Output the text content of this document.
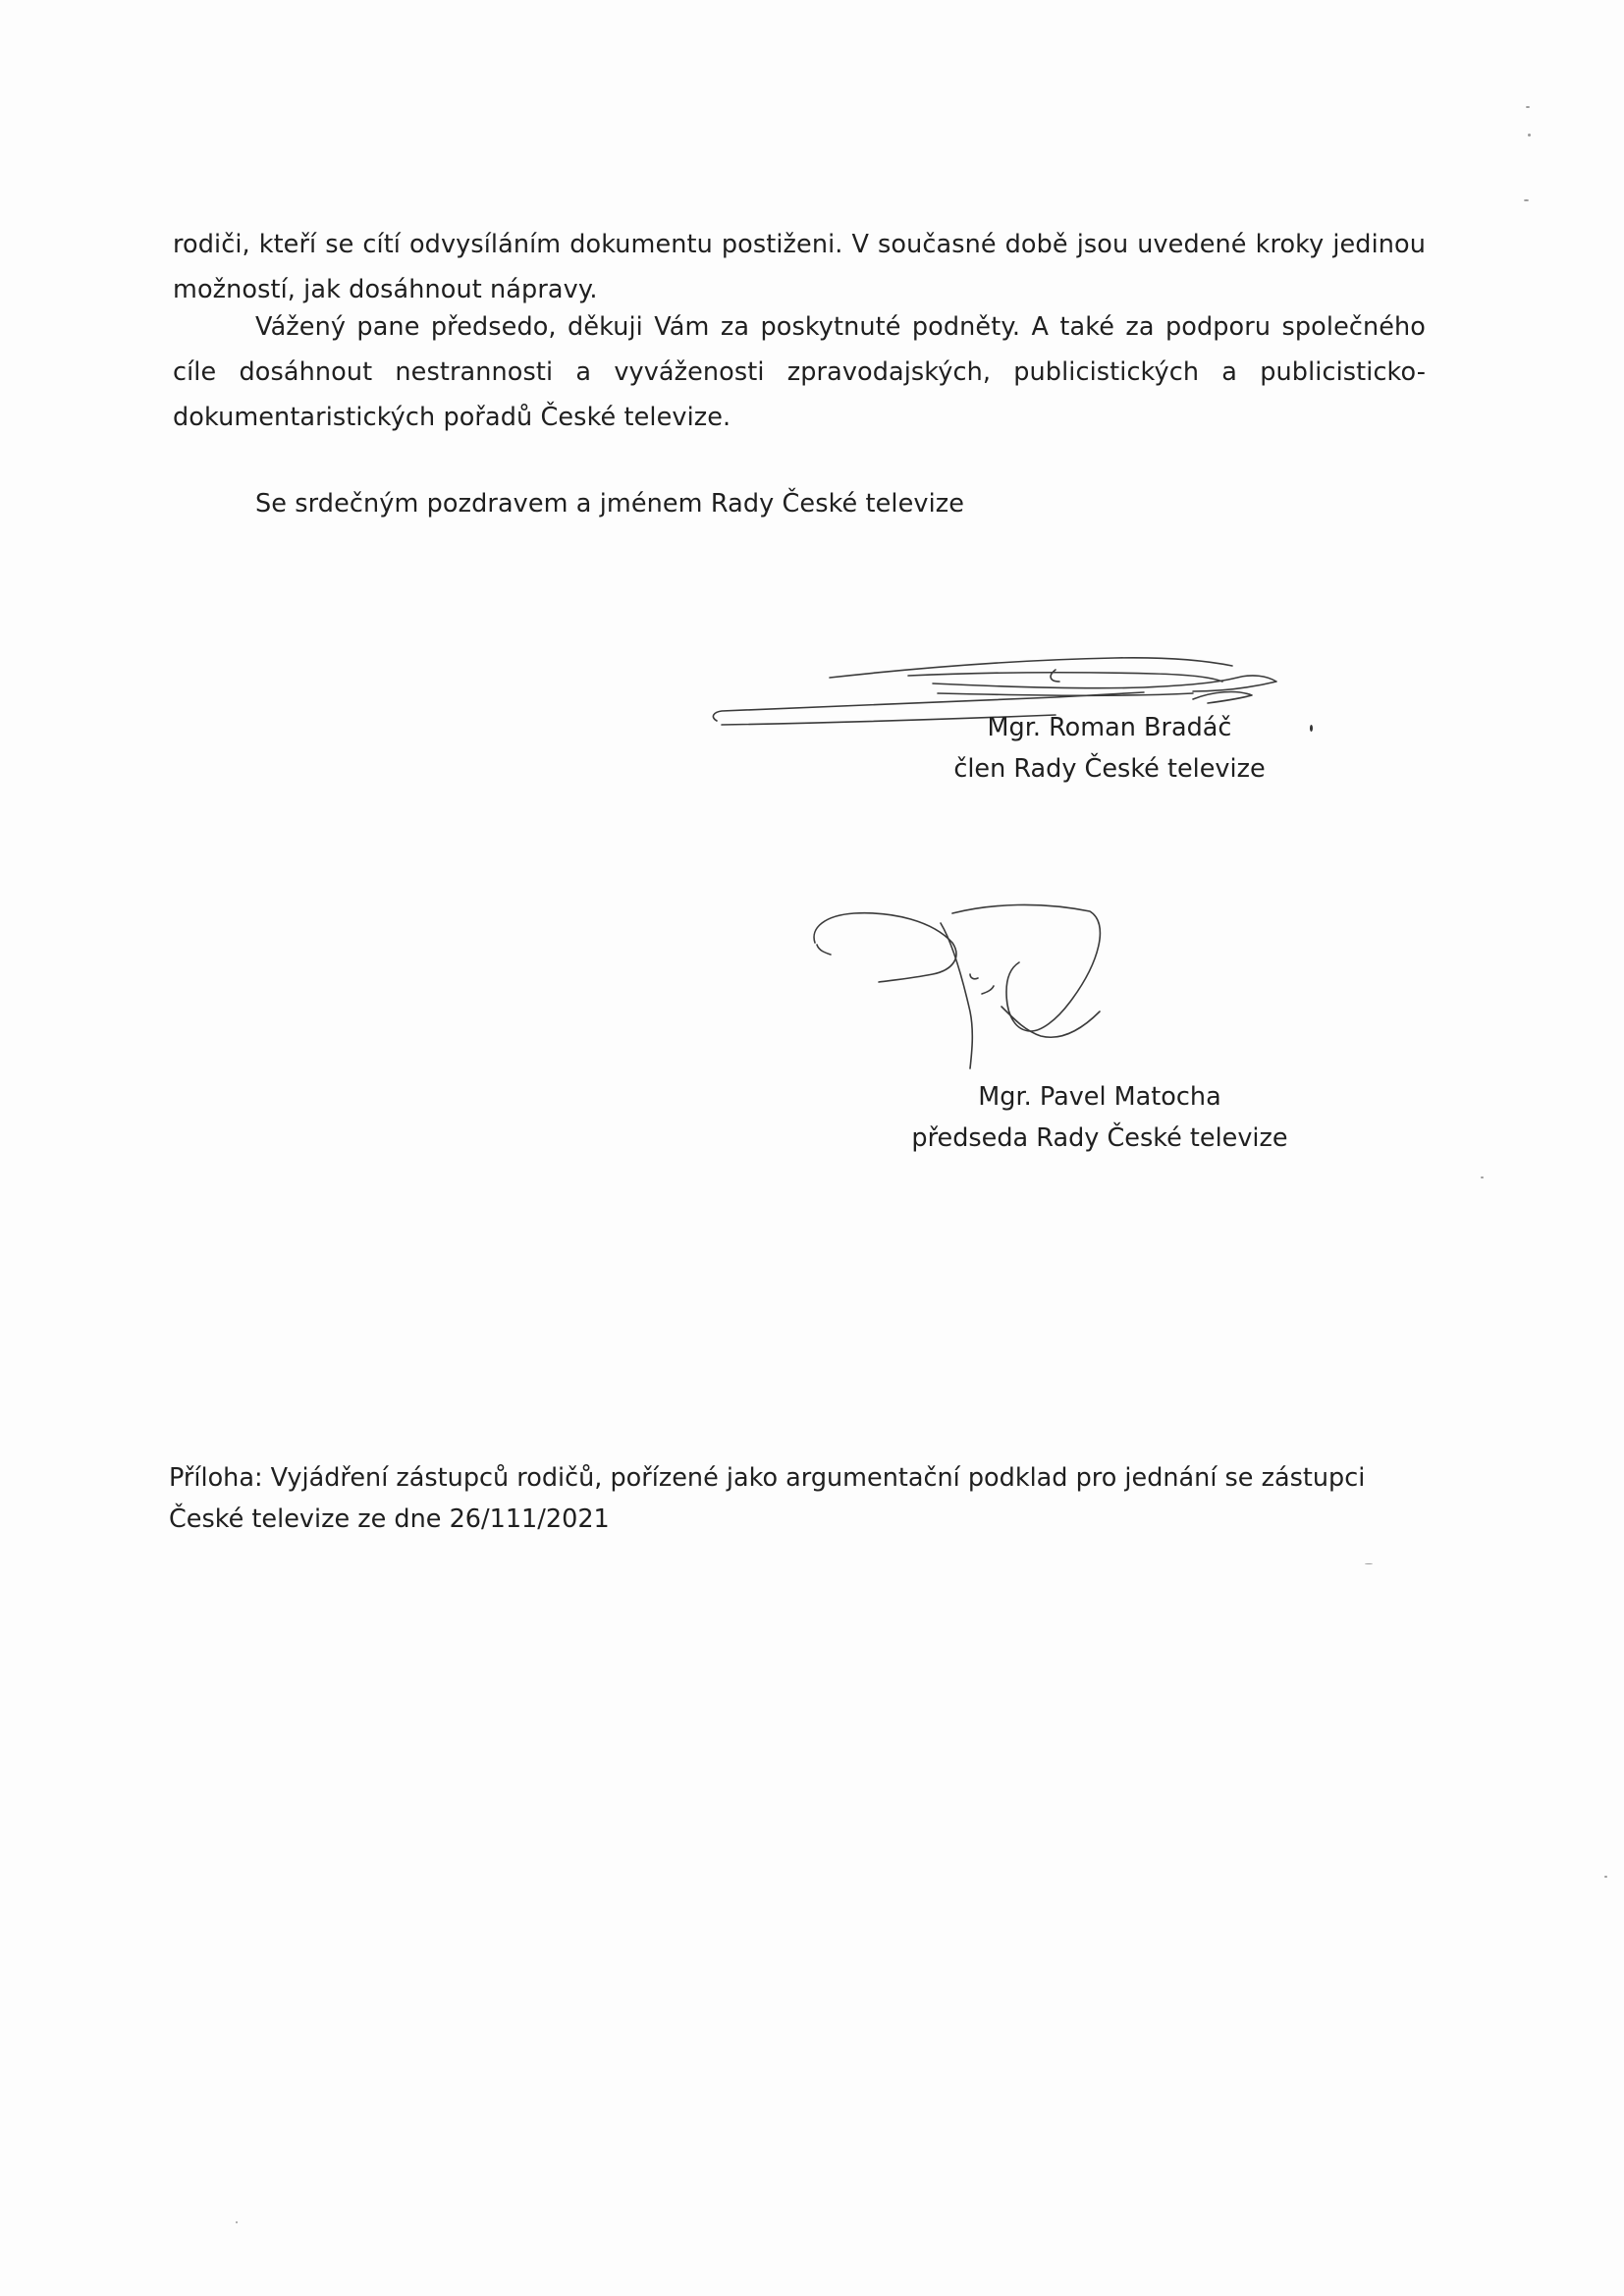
rodiči, kteří se cítí odvysíláním dokumentu postiženi. V současné době jsou uvedené kroky jedinou možností, jak dosáhnout nápravy.

Vážený pane předsedo, děkuji Vám za poskytnuté podněty. A také za podporu společného cíle dosáhnout nestrannosti a vyváženosti zpravodajských, publicistických a publicisticko-dokumentaristických pořadů České televize.

Se srdečným pozdravem a jménem Rady České televize

Mgr. Roman Bradáč
člen Rady České televize
Mgr. Pavel Matocha
předseda Rady České televize
Příloha: Vyjádření zástupců rodičů, pořízené jako argumentační podklad pro jednání se zástupci
České televize ze dne 26/111/2021
